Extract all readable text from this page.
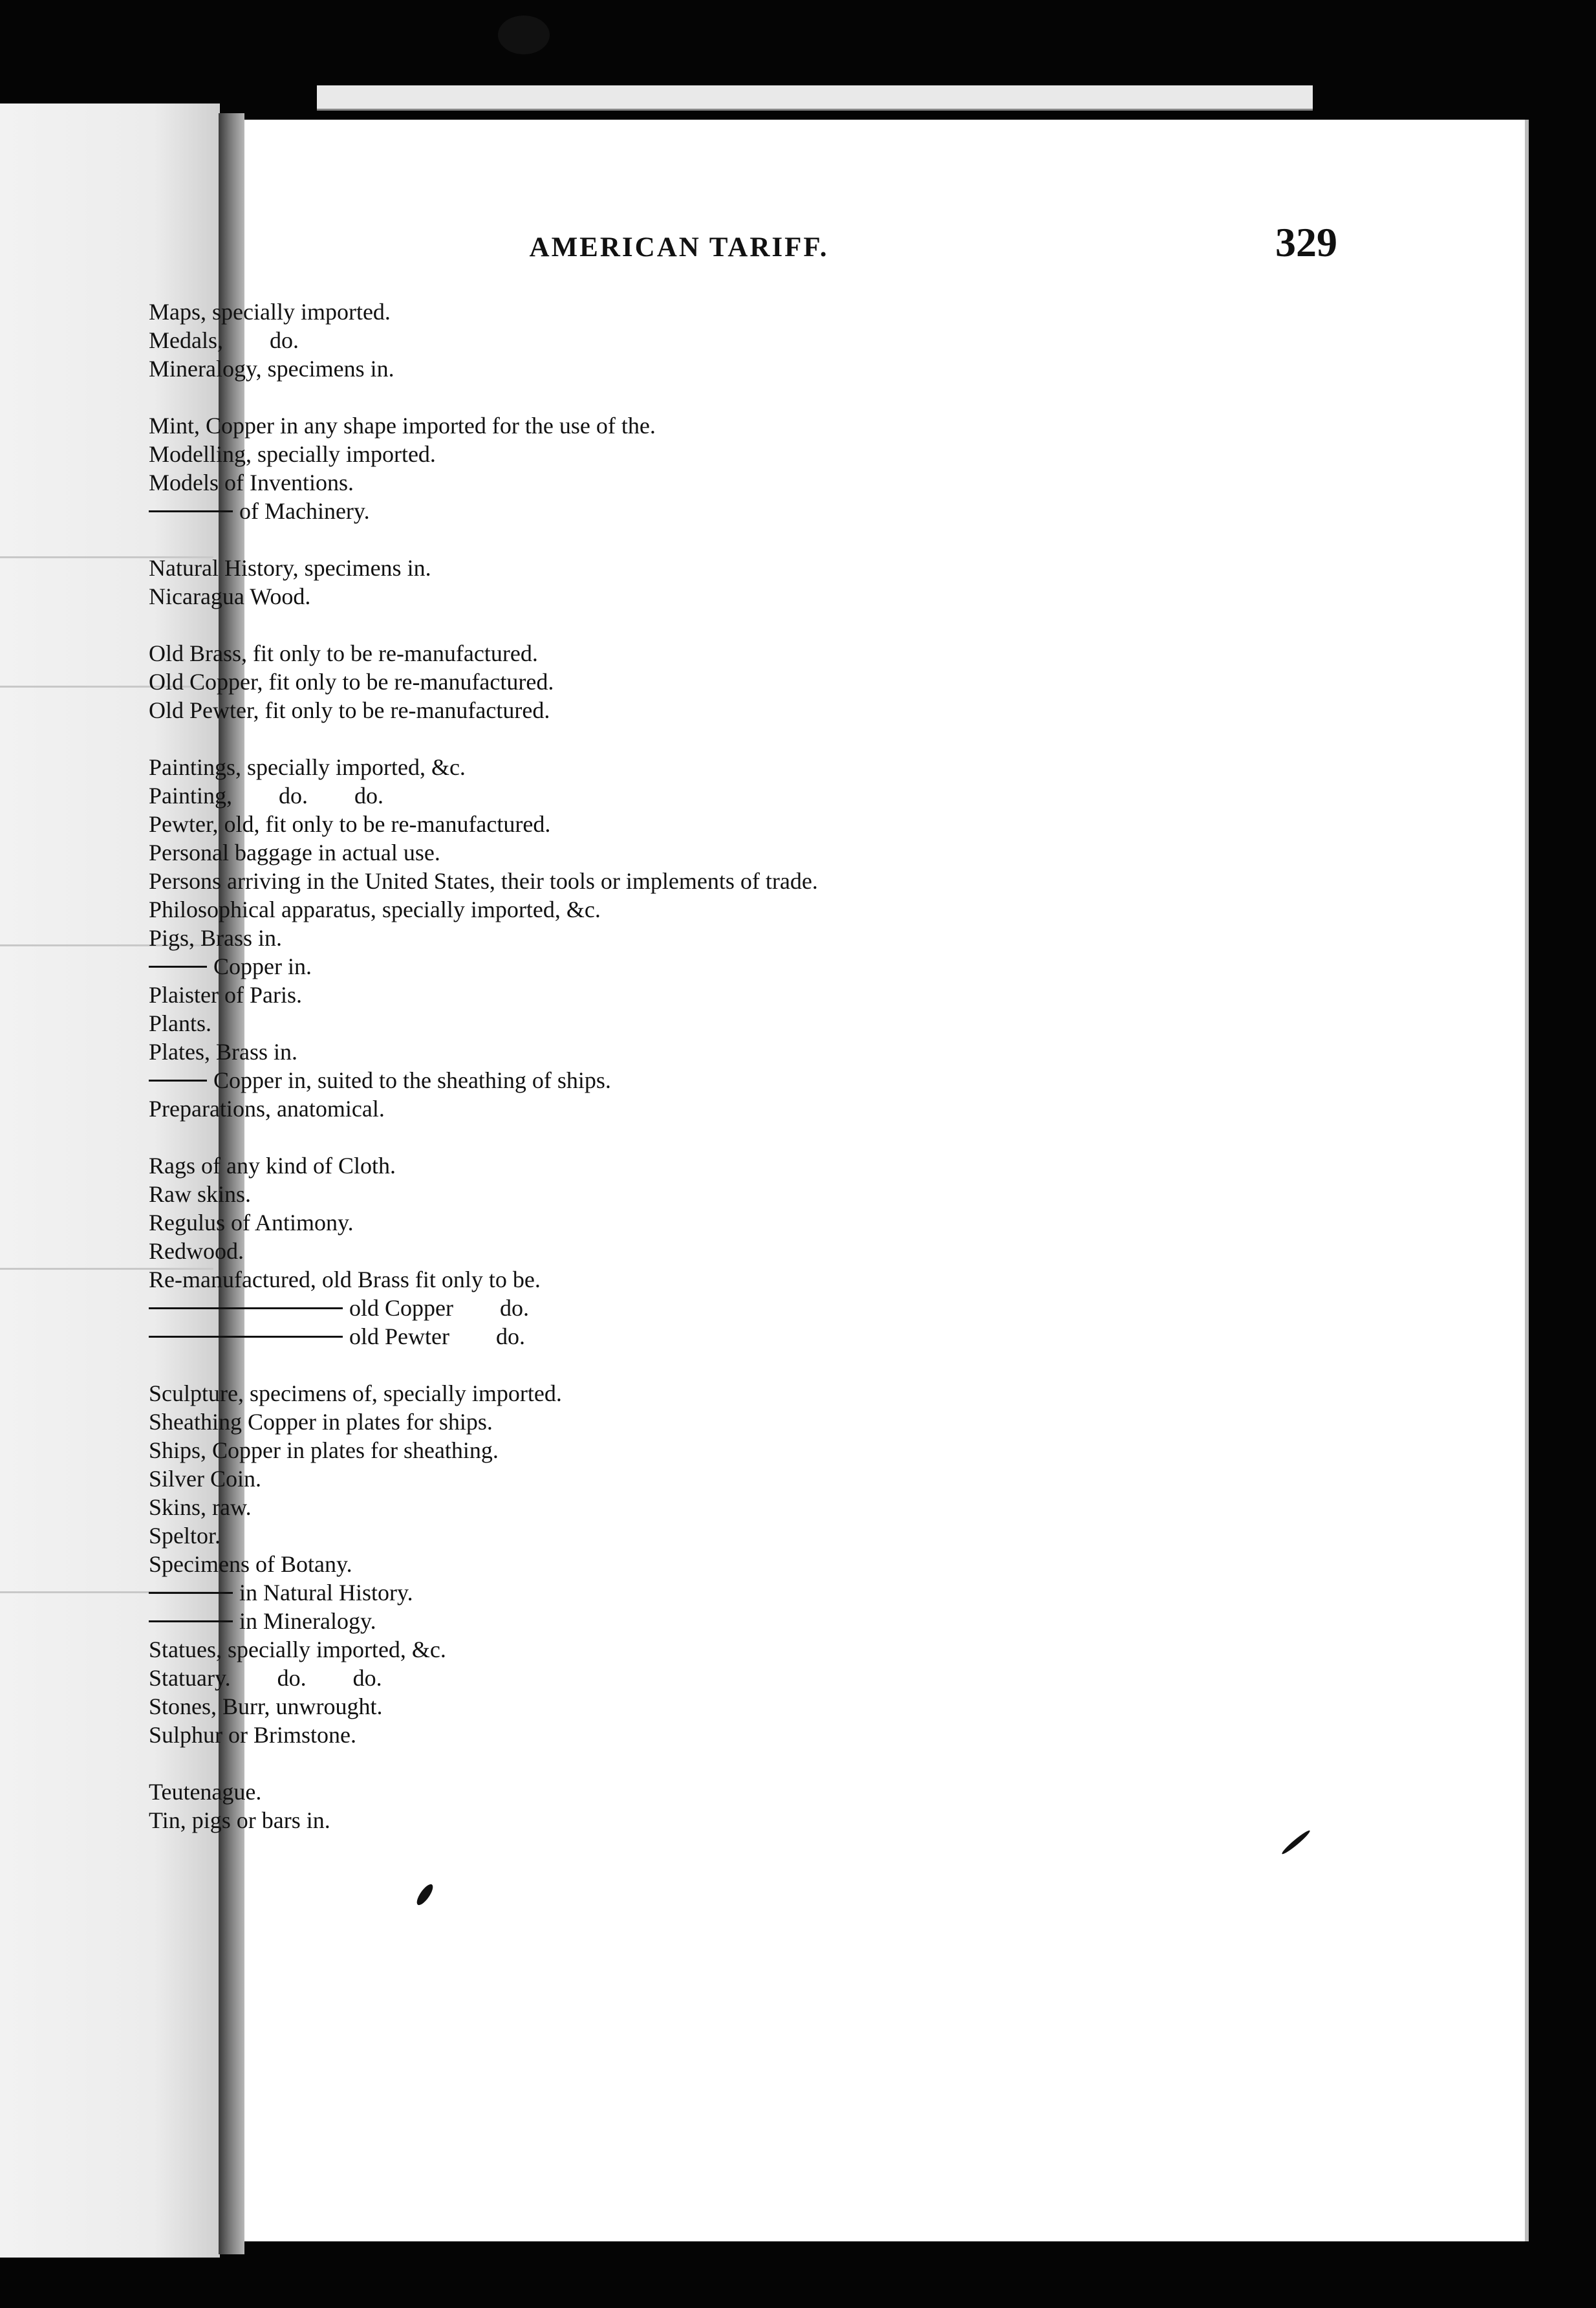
AMERICAN TARIFF.	329
Maps, specially imported.
Medals,        do.
Mineralogy, specimens in.
Mint, Copper in any shape imported for the use of the.
Modelling, specially imported.
Models of Inventions.
of Machinery.
Natural History, specimens in.
Nicaragua Wood.
Old Brass, fit only to be re-manufactured.
Old Copper, fit only to be re-manufactured.
Old Pewter, fit only to be re-manufactured.
Paintings, specially imported, &c.
Painting,        do.        do.
Pewter, old, fit only to be re-manufactured.
Personal baggage in actual use.
Persons arriving in the United States, their tools or implements of trade.
Philosophical apparatus, specially imported, &c.
Pigs, Brass in.
Copper in.
Plaister of Paris.
Plants.
Plates, Brass in.
Copper in, suited to the sheathing of ships.
Preparations, anatomical.
Rags of any kind of Cloth.
Raw skins.
Regulus of Antimony.
Redwood.
Re-manufactured, old Brass fit only to be.
old Copper        do.
old Pewter        do.
Sculpture, specimens of, specially imported.
Sheathing Copper in plates for ships.
Ships, Copper in plates for sheathing.
Silver Coin.
Skins, raw.
Speltor.
Specimens of Botany.
in Natural History.
in Mineralogy.
Statues, specially imported, &c.
Statuary.        do.        do.
Stones, Burr, unwrought.
Sulphur or Brimstone.
Teutenague.
Tin, pigs or bars in.
